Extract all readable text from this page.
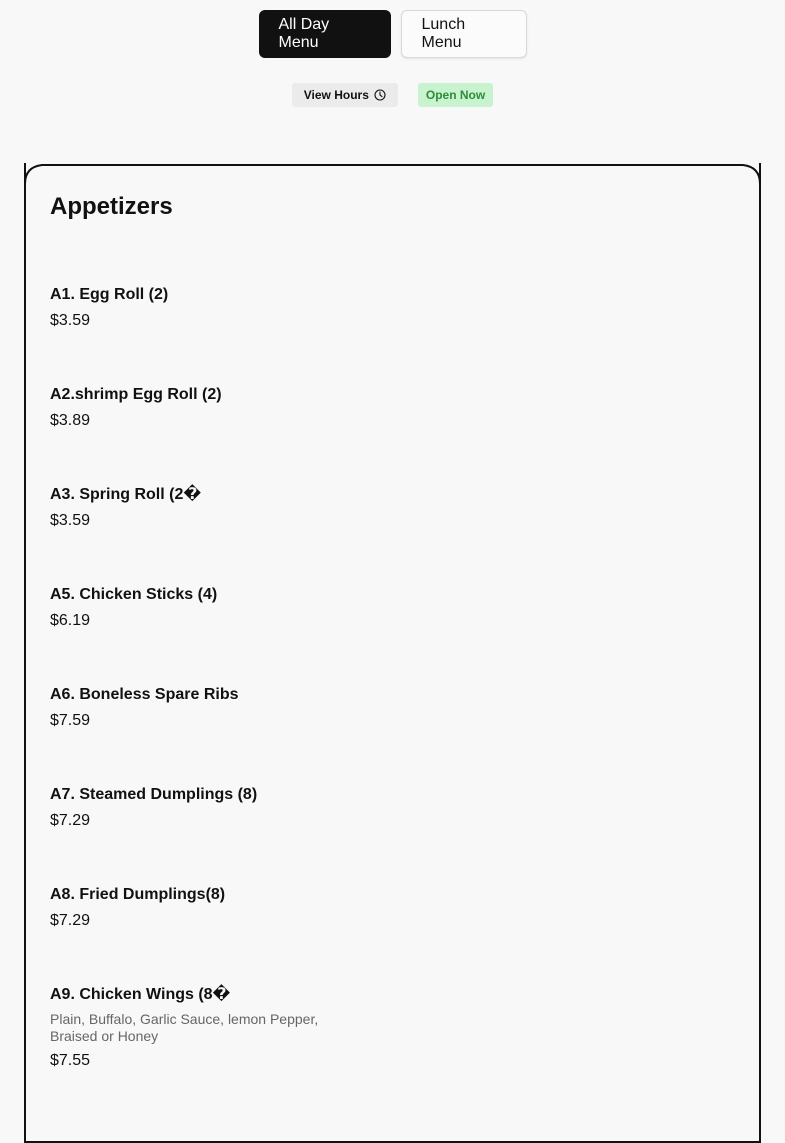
All Day Menu
Lunch Menu
View Hours	Open Now
Appetizers
A1. Egg Roll (2)
$3.59
A2.shrimp Egg Roll (2)
$3.89
A3. Spring Roll (2�
$3.59
A5. Chicken Sticks (4)
$6.19
A6. Boneless Spare Ribs
$7.59
A7. Steamed Dumplings (8)
$7.29
A8. Fried Dumplings(8)
$7.29
A9. Chicken Wings (8�
Plain, Buffalo, Garlic Sauce, lemon Pepper, Braised or Honey
$7.55
